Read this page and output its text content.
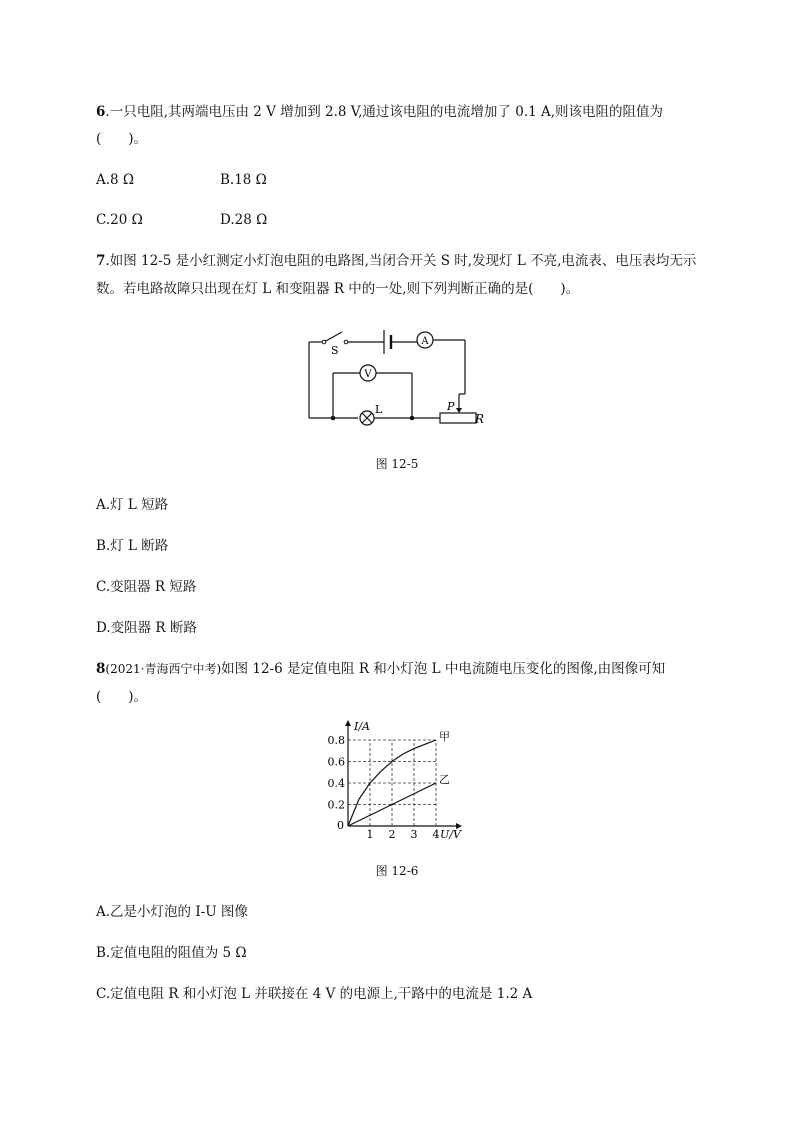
6.一只电阻,其两端电压由 2 V 增加到 2.8 V,通过该电阻的电流增加了 0.1 A,则该电阻的阻值为
(　　)。
A.8 Ω	B.18 Ω
C.20 Ω	D.28 Ω
7.如图 12-5 是小红测定小灯泡电阻的电路图,当闭合开关 S 时,发现灯 L 不亮,电流表、电压表均无示
数。若电路故障只出现在灯 L 和变阻器 R 中的一处,则下列判断正确的是(　　)。
S
A
V
L	P
R
图 12-5
A.灯 L 短路
B.灯 L 断路
C.变阻器 R 短路
D.变阻器 R 断路
8(2021·青海西宁中考)如图 12-6 是定值电阻 R 和小灯泡 L 中电流随电压变化的图像,由图像可知
(　　)。
1 2 3 4
0.2
0.4
0.6
0.8
0
I/A
U/V
甲
乙
图 12-6
A.乙是小灯泡的 I-U 图像
B.定值电阻的阻值为 5 Ω
C.定值电阻 R 和小灯泡 L 并联接在 4 V 的电源上,干路中的电流是 1.2 A
